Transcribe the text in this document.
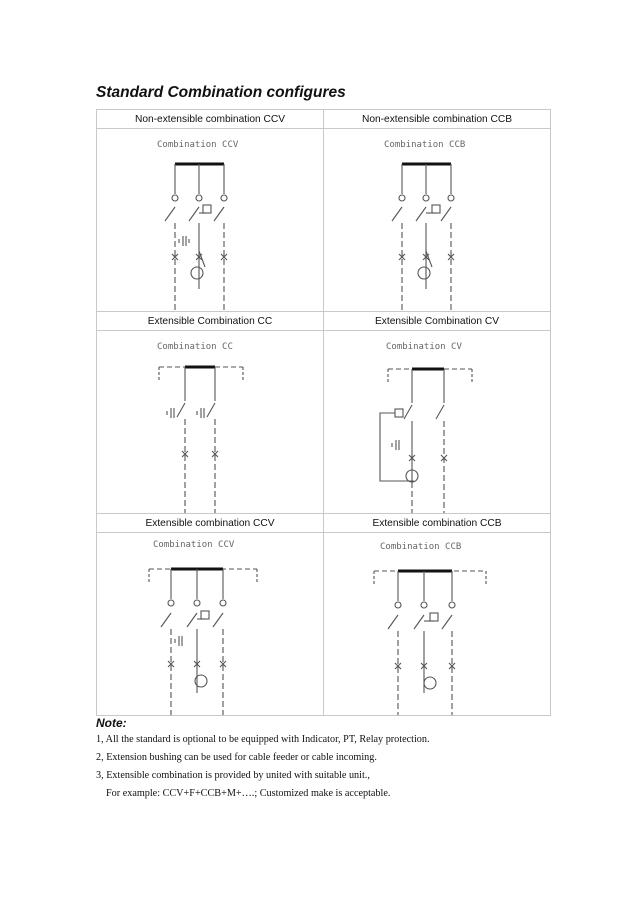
Standard Combination configures
Non-extensible combination CCV	Non-extensible combination CCB

Combination CCV	Combination CCB

Extensible Combination CC	Extensible Combination CV

Combination CC	Combination CV

Extensible combination CCV	Extensible combination CCB

Combination CCV	Combination CCB
Note:
1, All the standard is optional to be equipped with Indicator, PT, Relay protection.
2, Extension bushing can be used for cable feeder or cable incoming.
3, Extensible combination is provided by united with suitable unit.,
For example: CCV+F+CCB+M+….; Customized make is acceptable.
